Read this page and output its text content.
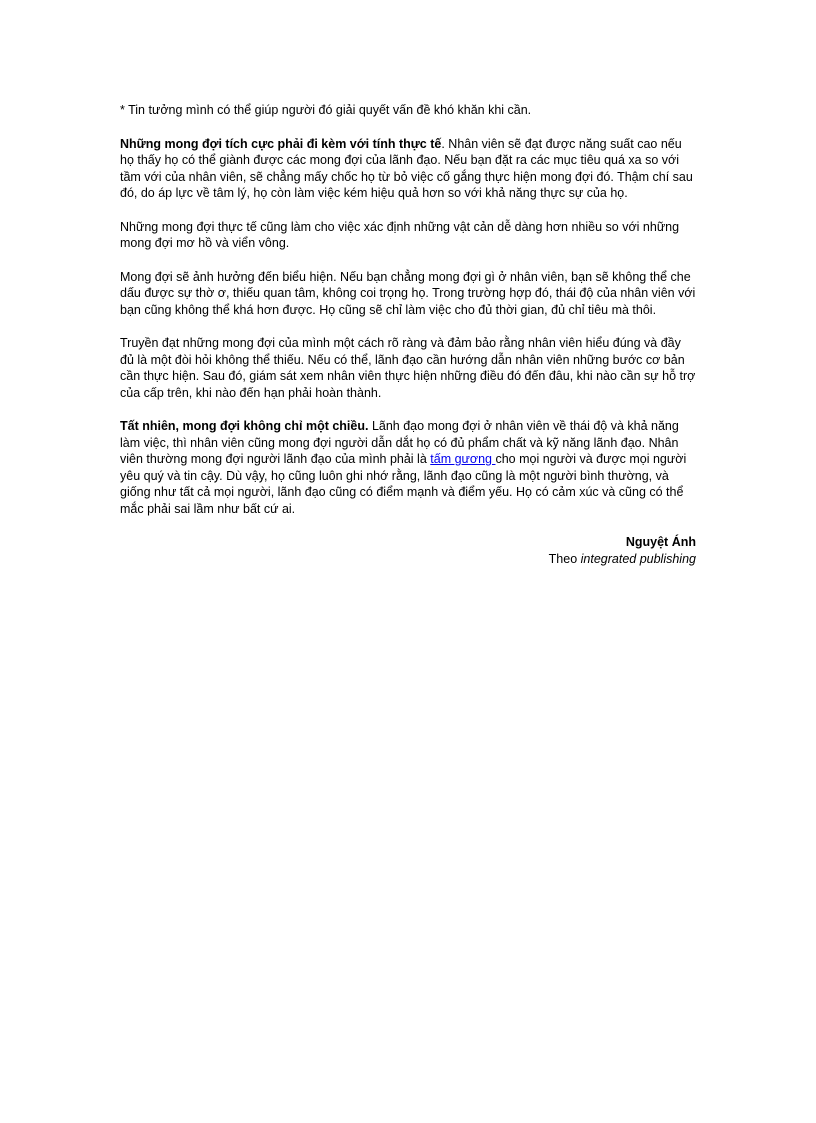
* Tin tưởng mình có thể giúp người đó giải quyết vấn đề khó khăn khi cần.

Những mong đợi tích cực phải đi kèm với tính thực tế. Nhân viên sẽ đạt được năng suất cao nếu họ thấy họ có thể giành được các mong đợi của lãnh đạo. Nếu bạn đặt ra các mục tiêu quá xa so với tầm với của nhân viên, sẽ chẳng mấy chốc họ từ bỏ việc cố gắng thực hiện mong đợi đó. Thậm chí sau đó, do áp lực về tâm lý, họ còn làm việc kém hiệu quả hơn so với khả năng thực sự của họ.

Những mong đợi thực tế cũng làm cho việc xác định những vật cản dễ dàng hơn nhiều so với những mong đợi mơ hồ và viển vông.

Mong đợi sẽ ảnh hưởng đến biểu hiện. Nếu bạn chẳng mong đợi gì ở nhân viên, bạn sẽ không thể che dấu được sự thờ ơ, thiếu quan tâm, không coi trọng họ. Trong trường hợp đó, thái độ của nhân viên với bạn cũng không thể khá hơn được. Họ cũng sẽ chỉ làm việc cho đủ thời gian, đủ chỉ tiêu mà thôi.

Truyền đạt những mong đợi của mình một cách rõ ràng và đảm bảo rằng nhân viên hiểu đúng và đầy đủ là một đòi hỏi không thể thiếu. Nếu có thể, lãnh đạo cần hướng dẫn nhân viên những bước cơ bản cần thực hiện. Sau đó, giám sát xem nhân viên thực hiện những điều đó đến đâu, khi nào cần sự hỗ trợ của cấp trên, khi nào đến hạn phải hoàn thành.

Tất nhiên, mong đợi không chỉ một chiều. Lãnh đạo mong đợi ở nhân viên về thái độ và khả năng làm việc, thì nhân viên cũng mong đợi người dẫn dắt họ có đủ phẩm chất và kỹ năng lãnh đạo. Nhân viên thường mong đợi người lãnh đạo của mình phải là tấm gương cho mọi người và được mọi người yêu quý và tin cậy. Dù vậy, họ cũng luôn ghi nhớ rằng, lãnh đạo cũng là một người bình thường, và giống như tất cả mọi người, lãnh đạo cũng có điểm mạnh và điểm yếu. Họ có cảm xúc và cũng có thể mắc phải sai lầm như bất cứ ai.

Nguyệt Ánh
Theo integrated publishing
